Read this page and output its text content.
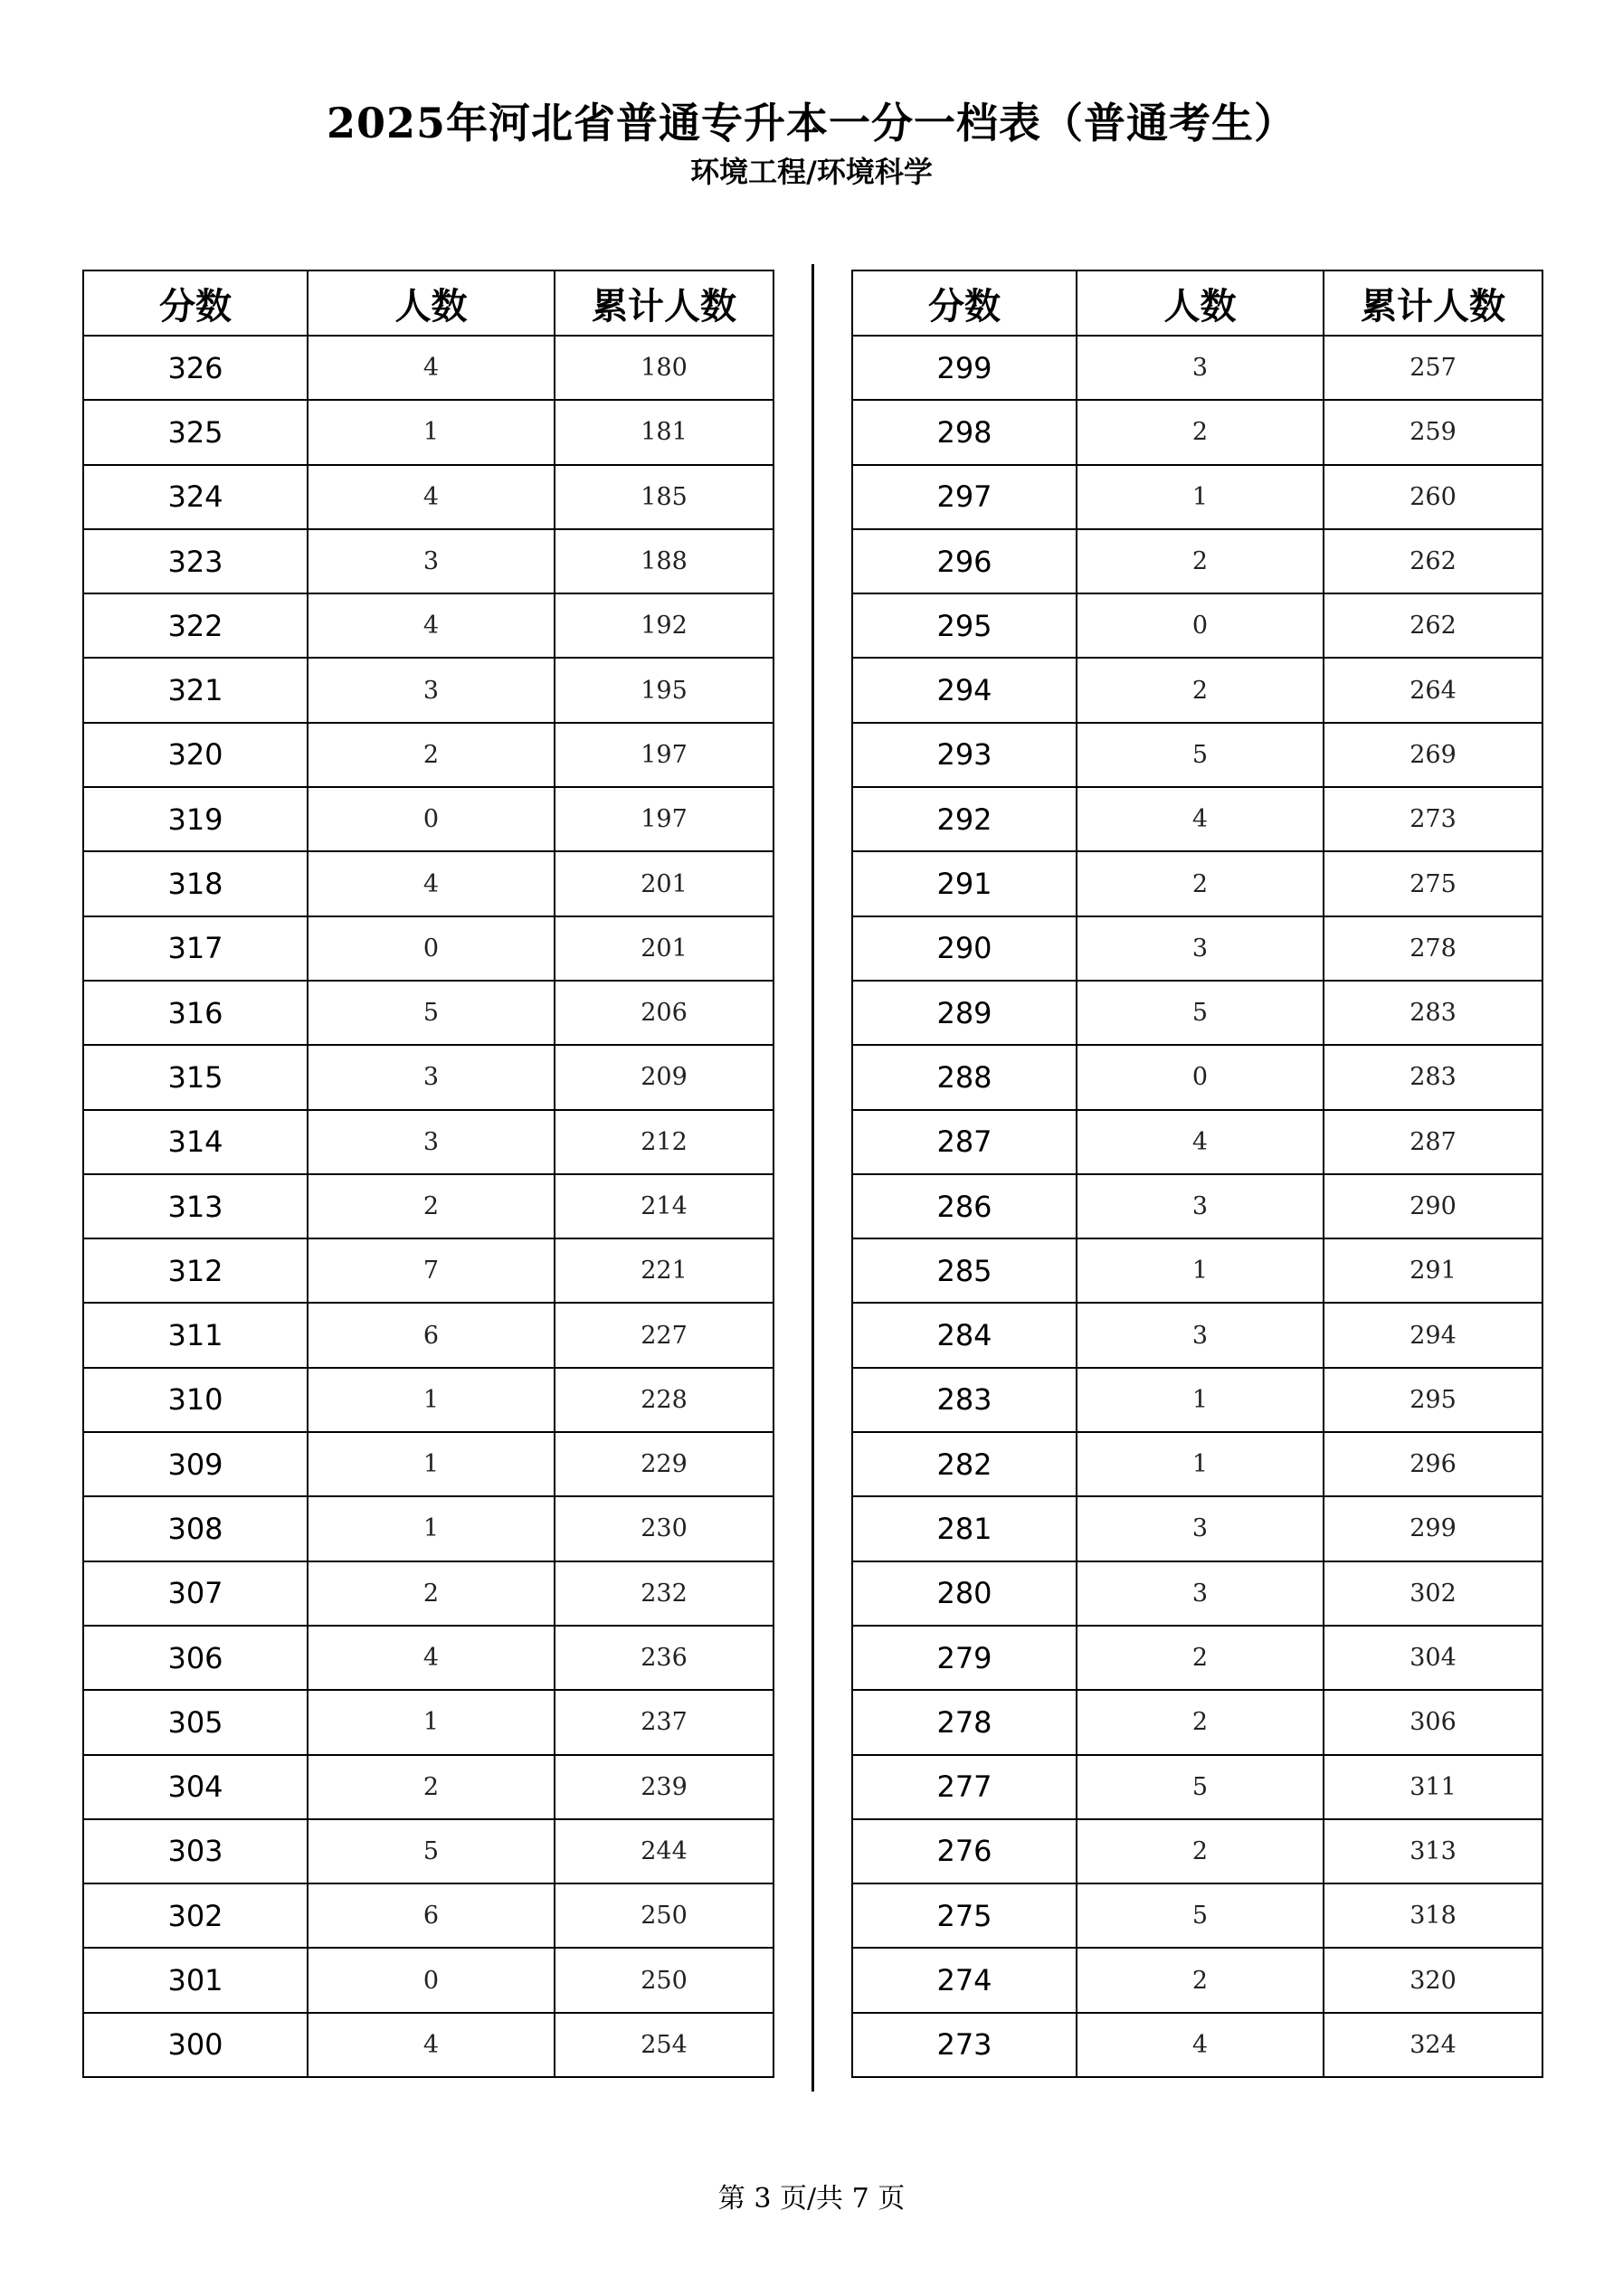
2025年河北省普通专升本一分一档表（普通考生）
环境工程/环境科学
分数	人数	累计人数
326	4	180
325	1	181
324	4	185
323	3	188
322	4	192
321	3	195
320	2	197
319	0	197
318	4	201
317	0	201
316	5	206
315	3	209
314	3	212
313	2	214
312	7	221
311	6	227
310	1	228
309	1	229
308	1	230
307	2	232
306	4	236
305	1	237
304	2	239
303	5	244
302	6	250
301	0	250
300	4	254
分数	人数	累计人数
299	3	257
298	2	259
297	1	260
296	2	262
295	0	262
294	2	264
293	5	269
292	4	273
291	2	275
290	3	278
289	5	283
288	0	283
287	4	287
286	3	290
285	1	291
284	3	294
283	1	295
282	1	296
281	3	299
280	3	302
279	2	304
278	2	306
277	5	311
276	2	313
275	5	318
274	2	320
273	4	324
第 3 页/共 7 页
